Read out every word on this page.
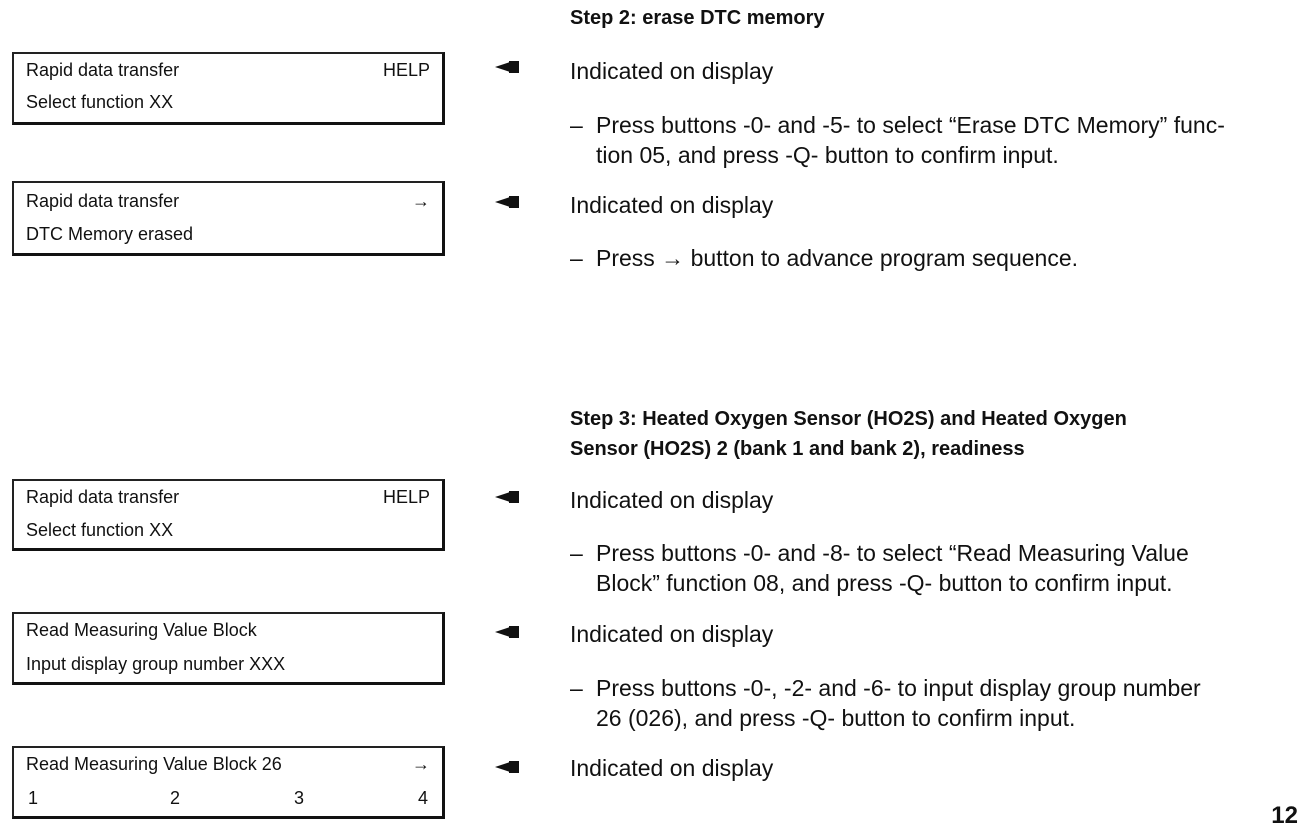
Step 2: erase DTC memory
Rapid data transfer	HELP
Select function XX
Indicated on display
– Press buttons -0- and -5- to select “Erase DTC Memory” func-
tion 05, and press -Q- button to confirm input.
Rapid data transfer	→
DTC Memory erased
Indicated on display
– Press → button to advance program sequence.
Step 3: Heated Oxygen Sensor (HO2S) and Heated Oxygen
Sensor (HO2S) 2 (bank 1 and bank 2), readiness
Rapid data transfer	HELP
Select function XX
Indicated on display
– Press buttons -0- and -8- to select “Read Measuring Value
Block” function 08, and press -Q- button to confirm input.
Read Measuring Value Block
Input display group number XXX
Indicated on display
– Press buttons -0-, -2- and -6- to input display group number
26 (026), and press -Q- button to confirm input.
Read Measuring Value Block 26	→
1	2	3	4
Indicated on display
12
